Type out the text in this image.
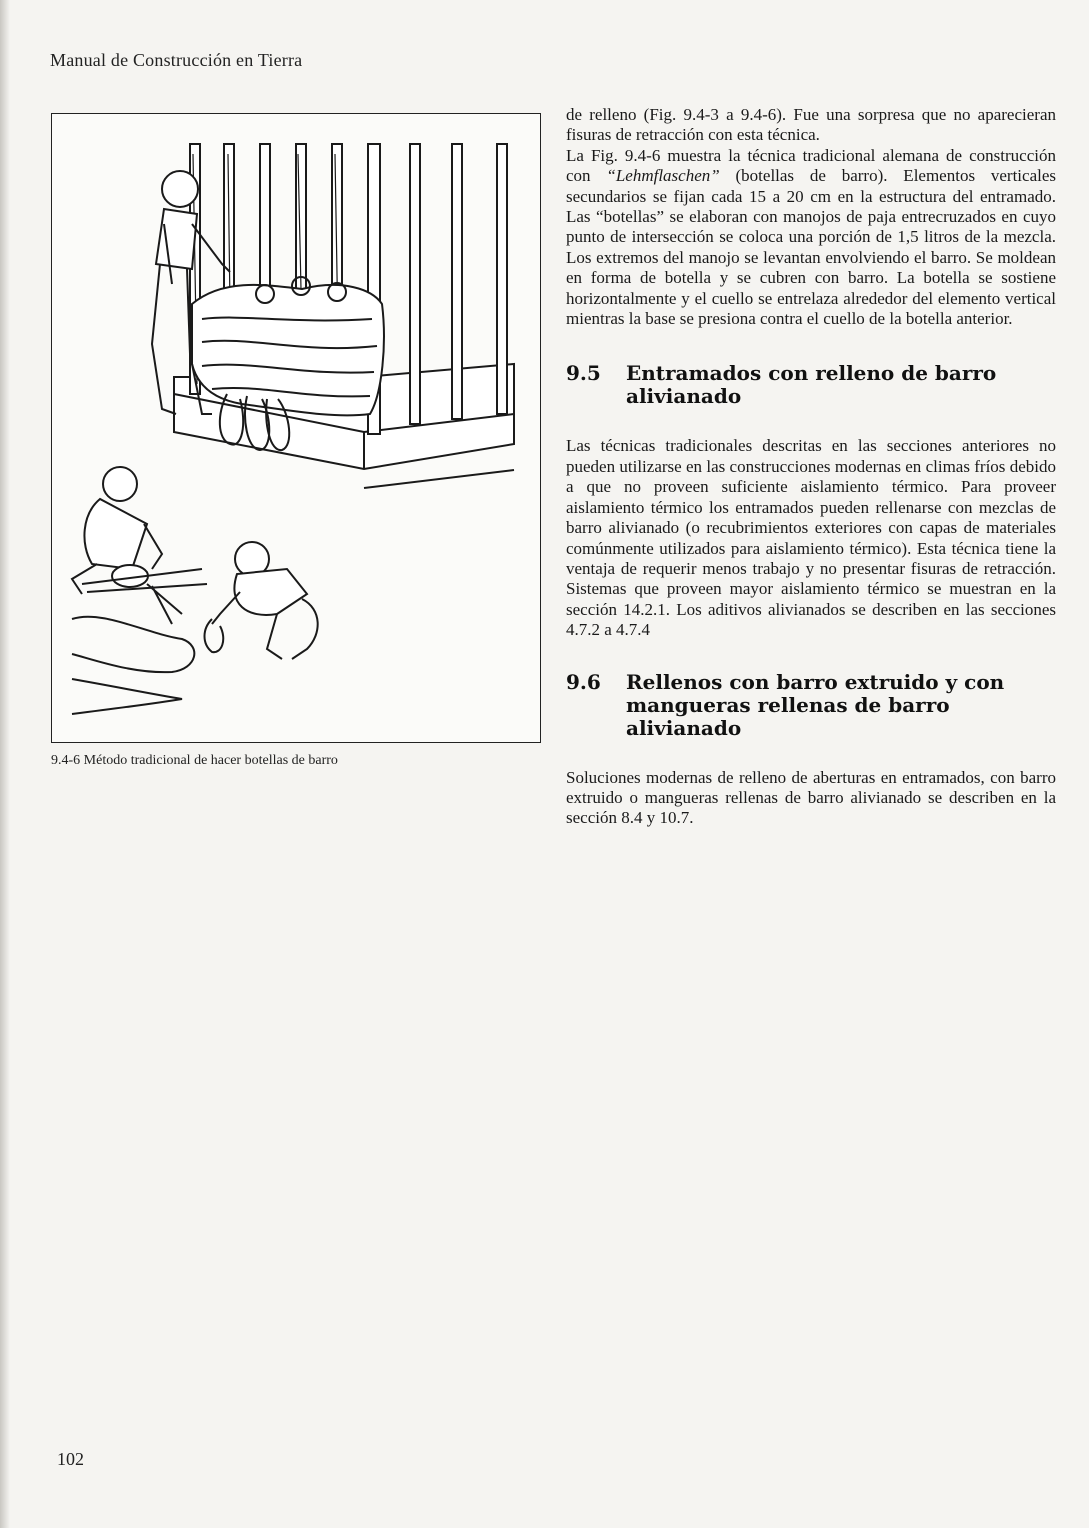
Manual de Construcción en Tierra
9.4-6 Método tradicional de hacer botellas de barro

de relleno (Fig. 9.4-3 a 9.4-6). Fue una sorpresa que no aparecieran fisuras de retracción con esta técnica.

La Fig. 9.4-6 muestra la técnica tradicional alemana de construcción con “Lehmflaschen” (botellas de barro). Elementos verticales secundarios se fijan cada 15 a 20 cm en la estructura del entramado. Las “botellas” se elaboran con manojos de paja entrecruzados en cuyo punto de intersección se coloca una porción de 1,5 litros de la mezcla. Los extremos del manojo se levantan envolviendo el barro. Se moldean en forma de botella y se cubren con barro. La botella se sostiene horizontalmente y el cuello se entrelaza alrededor del elemento vertical mientras la base se presiona contra el cuello de la botella anterior.

9.5	Entramados con relleno de barro alivianado

Las técnicas tradicionales descritas en las secciones anteriores no pueden utilizarse en las construcciones modernas en climas fríos debido a que no proveen suficiente aislamiento térmico. Para proveer aislamiento térmico los entramados pueden rellenarse con mezclas de barro alivianado (o recubrimientos exteriores con capas de materiales comúnmente utilizados para aislamiento térmico). Esta técnica tiene la ventaja de requerir menos trabajo y no presentar fisuras de retracción. Sistemas que proveen mayor aislamiento térmico se muestran en la sección 14.2.1. Los aditivos alivianados se describen en las secciones 4.7.2 a 4.7.4

9.6	Rellenos con barro extruido y con mangueras rellenas de barro alivianado

Soluciones modernas de relleno de aberturas en entramados, con barro extruido o mangueras rellenas de barro alivianado se describen en la sección 8.4 y 10.7.

102
